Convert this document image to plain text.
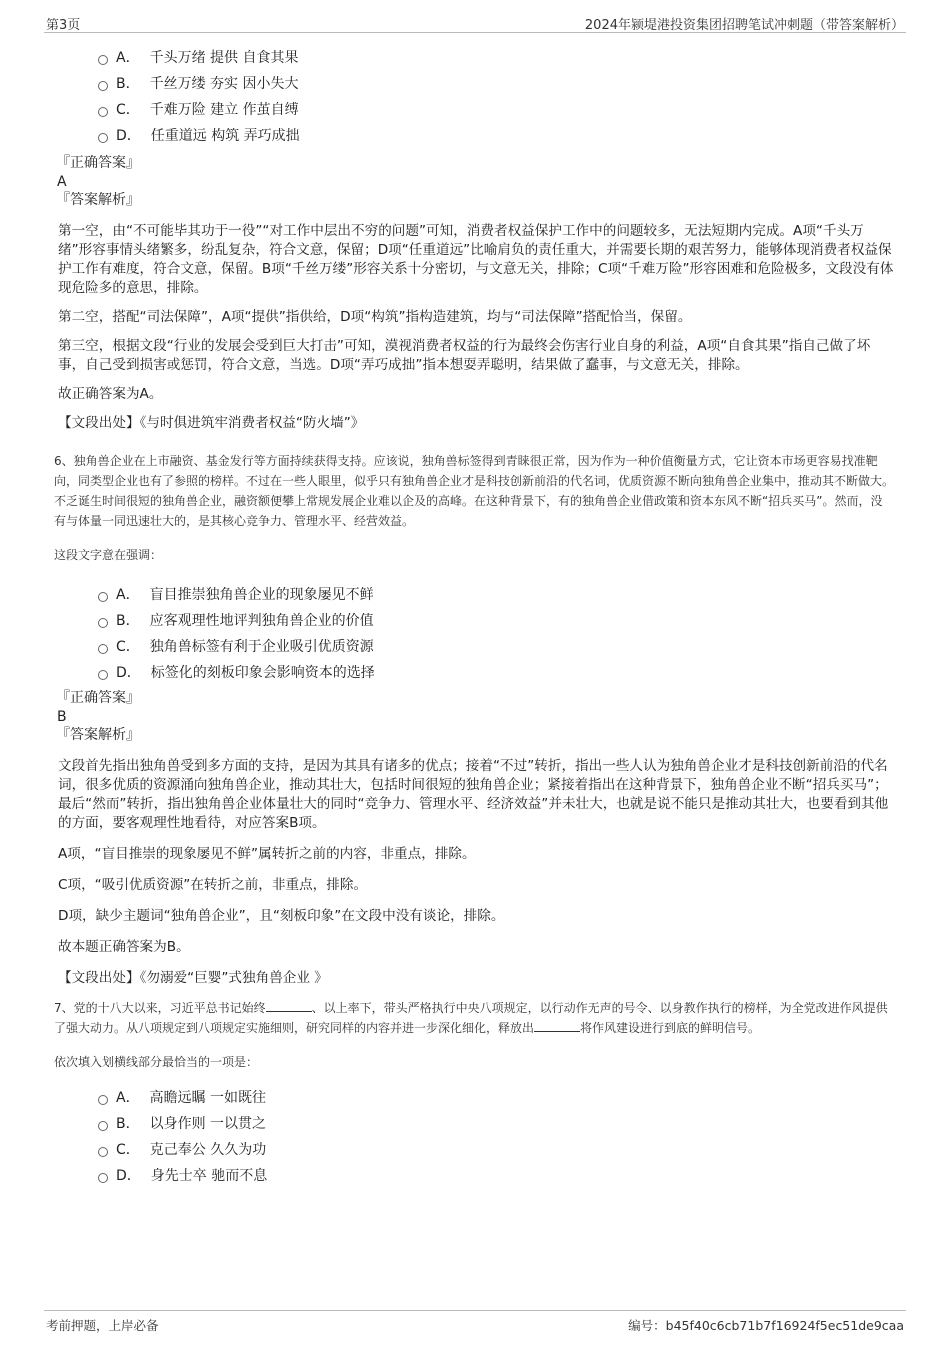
第3页	2024年颍堤港投资集团招聘笔试冲刺题（带答案解析）
A． 千头万绪 提供 自食其果
B． 千丝万缕 夯实 因小失大
C． 千难万险 建立 作茧自缚
D． 任重道远 构筑 弄巧成拙
『正确答案』
A
『答案解析』

第一空，由“不可能毕其功于一役”“对工作中层出不穷的问题”可知，消费者权益保护工作中的问题较多，无法短期内完成。A项“千头万绪”形容事情头绪繁多，纷乱复杂，符合文意，保留；D项“任重道远”比喻肩负的责任重大，并需要长期的艰苦努力，能够体现消费者权益保护工作有难度，符合文意，保留。B项“千丝万缕”形容关系十分密切，与文意无关，排除；C项“千难万险”形容困难和危险极多，文段没有体现危险多的意思，排除。

第二空，搭配“司法保障”，A项“提供”指供给，D项“构筑”指构造建筑，均与“司法保障”搭配恰当，保留。

第三空，根据文段“行业的发展会受到巨大打击”可知，漠视消费者权益的行为最终会伤害行业自身的利益，A项“自食其果”指自己做了坏事，自己受到损害或惩罚，符合文意，当选。D项“弄巧成拙”指本想耍弄聪明，结果做了蠢事，与文意无关，排除。

故正确答案为A。

【文段出处】《与时俱进筑牢消费者权益“防火墙”》

6、独角兽企业在上市融资、基金发行等方面持续获得支持。应该说，独角兽标签得到青睐很正常，因为作为一种价值衡量方式，它让资本市场更容易找准靶向，同类型企业也有了参照的榜样。不过在一些人眼里，似乎只有独角兽企业才是科技创新前沿的代名词，优质资源不断向独角兽企业集中，推动其不断做大。不乏诞生时间很短的独角兽企业，融资额便攀上常规发展企业难以企及的高峰。在这种背景下，有的独角兽企业借政策和资本东风不断“招兵买马”。然而，没有与体量一同迅速壮大的，是其核心竞争力、管理水平、经营效益。

这段文字意在强调：

A． 盲目推崇独角兽企业的现象屡见不鲜
B． 应客观理性地评判独角兽企业的价值
C． 独角兽标签有利于企业吸引优质资源
D． 标签化的刻板印象会影响资本的选择
『正确答案』
B
『答案解析』

文段首先指出独角兽受到多方面的支持，是因为其具有诸多的优点；接着“不过”转折，指出一些人认为独角兽企业才是科技创新前沿的代名词，很多优质的资源涌向独角兽企业，推动其壮大，包括时间很短的独角兽企业；紧接着指出在这种背景下，独角兽企业不断“招兵买马”；最后“然而”转折，指出独角兽企业体量壮大的同时“竞争力、管理水平、经济效益”并未壮大，也就是说不能只是推动其壮大，也要看到其他的方面，要客观理性地看待，对应答案B项。

A项，“盲目推崇的现象屡见不鲜”属转折之前的内容，非重点，排除。

C项，“吸引优质资源”在转折之前，非重点，排除。

D项，缺少主题词“独角兽企业”，且“刻板印象”在文段中没有谈论，排除。

故本题正确答案为B。

【文段出处】《勿溺爱“巨婴”式独角兽企业 》

7、党的十八大以来，习近平总书记始终	、以上率下，带头严格执行中央八项规定，以行动作无声的号令、以身教作执行的榜样，为全党改进作风提供了强大动力。从八项规定到八项规定实施细则，研究同样的内容并进一步深化细化，释放出	将作风建设进行到底的鲜明信号。

依次填入划横线部分最恰当的一项是：

A． 高瞻远瞩 一如既往
B． 以身作则 一以贯之
C． 克己奉公 久久为功
D． 身先士卒 驰而不息
考前押题，上岸必备	编号：b45f40c6cb71b7f16924f5ec51de9caa
